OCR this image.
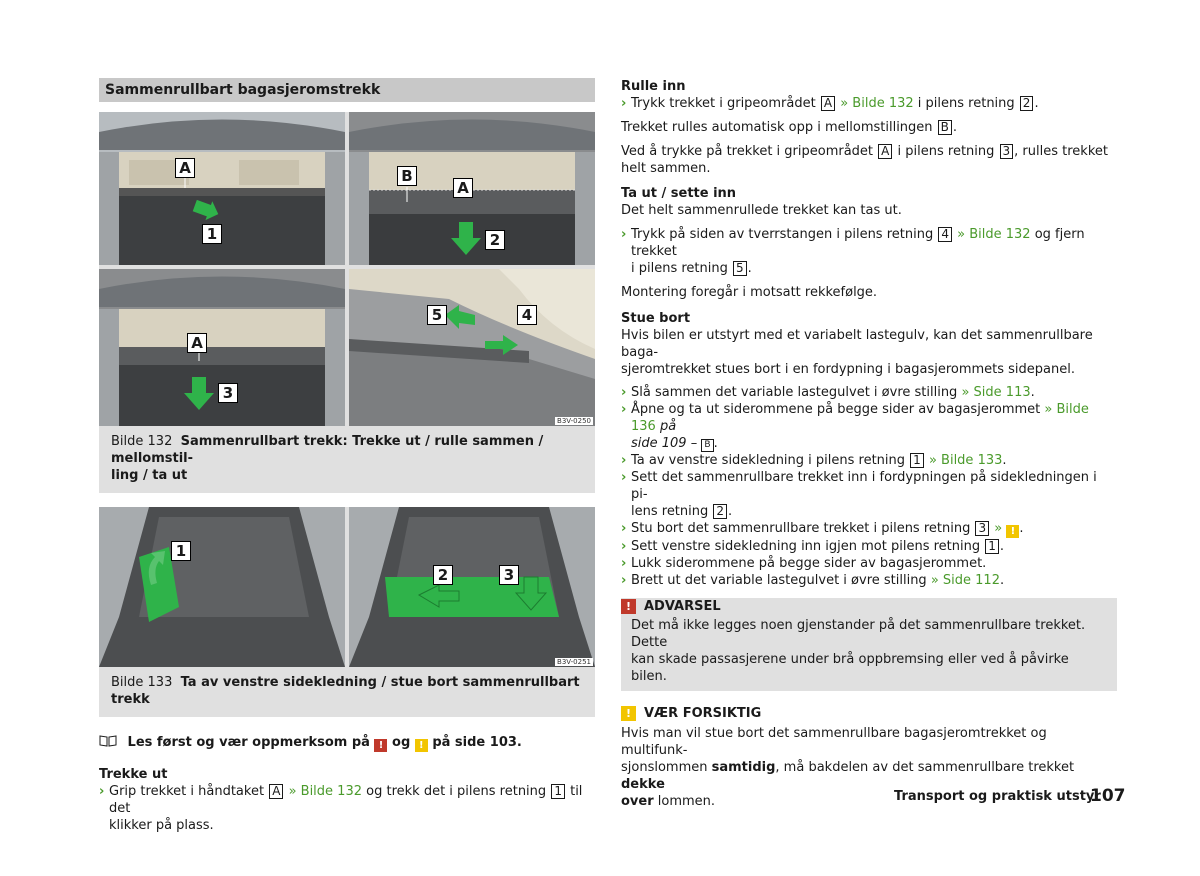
Sammenrullbart bagasjeromstrekk
A
1
B
A
2
A
3
5	4
B3V-0250
Bilde 132 Sammenrullbart trekk: Trekke ut / rulle sammen / mellomstil-
ling / ta ut
1
2	3
B3V-0251
Bilde 133 Ta av venstre sidekledning / stue bort sammenrullbart trekk
Les først og vær oppmerksom på ! og ! på side 103.
Trekke ut
› Grip trekket i håndtaket A » Bilde 132 og trekk det i pilens retning 1 til det
klikker på plass.
Rulle inn
› Trykk trekket i gripeområdet A » Bilde 132 i pilens retning 2 .
Trekket rulles automatisk opp i mellomstillingen B .
Ved å trykke på trekket i gripeområdet A i pilens retning 3 , rulles trekket
helt sammen.
Ta ut / sette inn
Det helt sammenrullede trekket kan tas ut.
› Trykk på siden av tverrstangen i pilens retning 4 » Bilde 132 og fjern trekket
i pilens retning 5 .
Montering foregår i motsatt rekkefølge.
Stue bort
Hvis bilen er utstyrt med et variabelt lastegulv, kan det sammenrullbare baga-
sjeromtrekket stues bort i en fordypning i bagasjerommets sidepanel.
› Slå sammen det variable lastegulvet i øvre stilling » Side 113.
› Åpne og ta ut siderommene på begge sider av bagasjerommet » Bilde 136 på
side 109 – B .
› Ta av venstre sidekledning i pilens retning 1 » Bilde 133.
› Sett det sammenrullbare trekket inn i fordypningen på sidekledningen i pi-
lens retning 2 .
› Stu bort det sammenrullbare trekket i pilens retning 3 » ! .
› Sett venstre sidekledning inn igjen mot pilens retning 1 .
› Lukk siderommene på begge sider av bagasjerommet.
› Brett ut det variable lastegulvet i øvre stilling » Side 112.
! ADVARSEL
Det må ikke legges noen gjenstander på det sammenrullbare trekket. Dette
kan skade passasjerene under brå oppbremsing eller ved å påvirke bilen.
! VÆR FORSIKTIG
Hvis man vil stue bort det sammenrullbare bagasjeromtrekket og multifunk-
sjonslommen samtidig, må bakdelen av det sammenrullbare trekket dekke
over lommen.	Transport og praktisk utstyr
107
